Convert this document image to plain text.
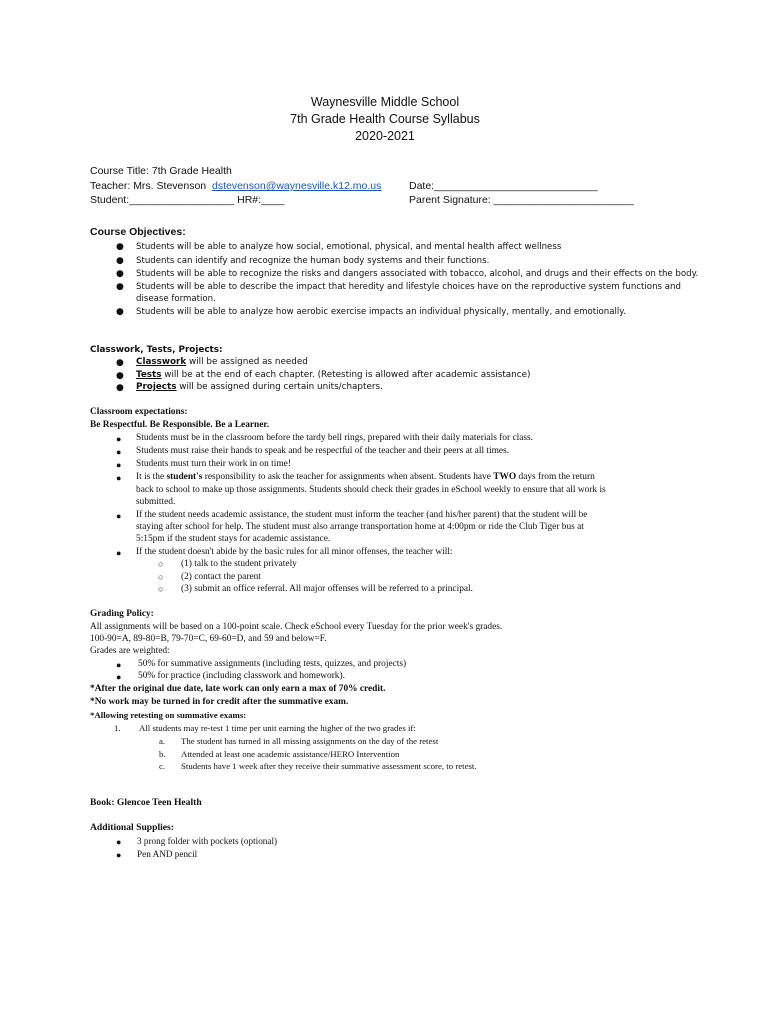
Waynesville Middle School
7th Grade Health Course Syllabus
2020-2021
Course Title: 7th Grade Health
Teacher: Mrs. Stevenson dstevenson@waynesville.k12.mo.us	Date:____________________________
Student:__________________ HR#:____	Parent Signature: ________________________
Course Objectives:
● Students will be able to analyze how social, emotional, physical, and mental health affect wellness
● Students can identify and recognize the human body systems and their functions.
● Students will be able to recognize the risks and dangers associated with tobacco, alcohol, and drugs and their effects on the body.
● Students will be able to describe the impact that heredity and lifestyle choices have on the reproductive system functions and
disease formation.
● Students will be able to analyze how aerobic exercise impacts an individual physically, mentally, and emotionally.
Classwork, Tests, Projects:
● Classwork will be assigned as needed
● Tests will be at the end of each chapter. (Retesting is allowed after academic assistance)
● Projects will be assigned during certain units/chapters.
Classroom expectations:
Be Respectful. Be Responsible. Be a Learner.
● Students must be in the classroom before the tardy bell rings, prepared with their daily materials for class.
● Students must raise their hands to speak and be respectful of the teacher and their peers at all times.
● Students must turn their work in on time!
● It is the student's responsibility to ask the teacher for assignments when absent. Students have TWO days from the return
back to school to make up those assignments. Students should check their grades in eSchool weekly to ensure that all work is
submitted.
● If the student needs academic assistance, the student must inform the teacher (and his/her parent) that the student will be
staying after school for help. The student must also arrange transportation home at 4:00pm or ride the Club Tiger bus at
5:15pm if the student stays for academic assistance.
● If the student doesn't abide by the basic rules for all minor offenses, the teacher will:
○ (1) talk to the student privately
○ (2) contact the parent
○ (3) submit an office referral. All major offenses will be referred to a principal.
Grading Policy:
All assignments will be based on a 100-point scale. Check eSchool every Tuesday for the prior week's grades.
100-90=A, 89-80=B, 79-70=C, 69-60=D, and 59 and below=F.
Grades are weighted:
● 50% for summative assignments (including tests, quizzes, and projects)
● 50% for practice (including classwork and homework).
*After the original due date, late work can only earn a max of 70% credit.
*No work may be turned in for credit after the summative exam.
*Allowing retesting on summative exams:
1. All students may re-test 1 time per unit earning the higher of the two grades if:
a. The student has turned in all missing assignments on the day of the retest
b. Attended at least one academic assistance/HERO Intervention
c. Students have 1 week after they receive their summative assessment score, to retest.
Book: Glencoe Teen Health
Additional Supplies:
● 3 prong folder with pockets (optional)
● Pen AND pencil
